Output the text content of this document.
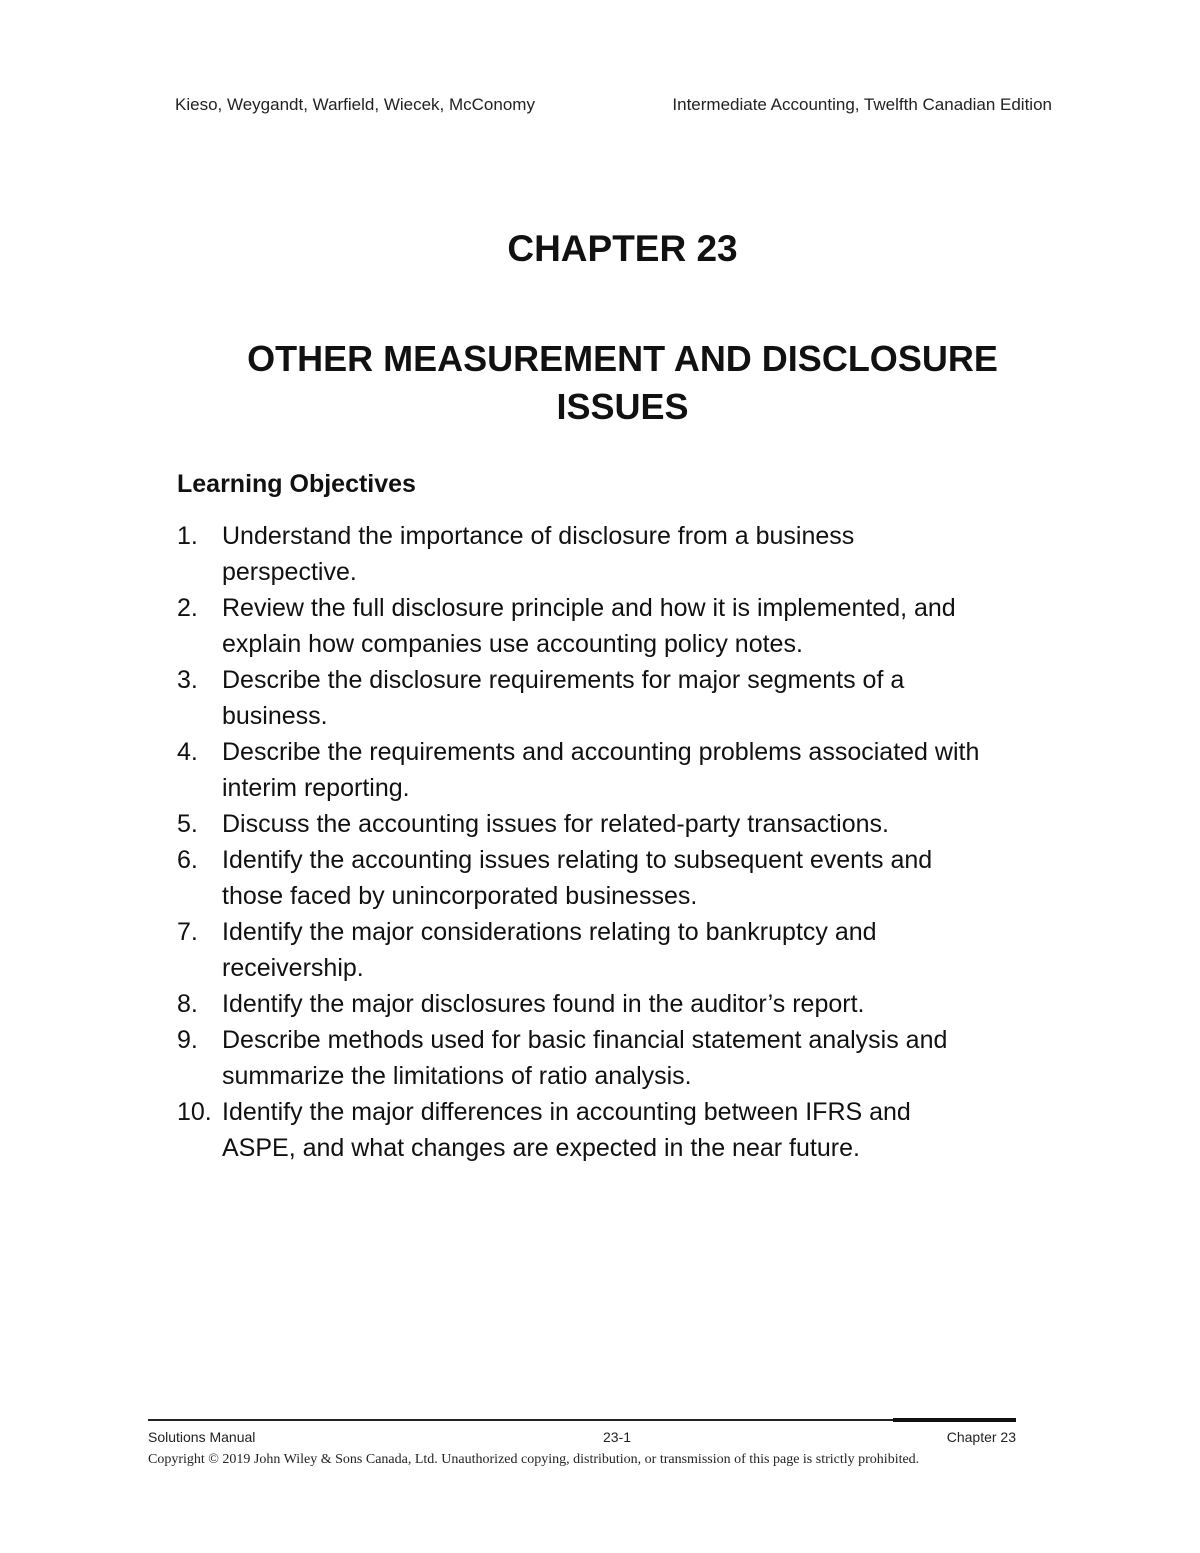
Kieso, Weygandt, Warfield, Wiecek, McConomy	Intermediate Accounting, Twelfth Canadian Edition
CHAPTER 23
OTHER MEASUREMENT AND DISCLOSURE ISSUES
Learning Objectives
1. Understand the importance of disclosure from a business perspective.
2. Review the full disclosure principle and how it is implemented, and explain how companies use accounting policy notes.
3. Describe the disclosure requirements for major segments of a business.
4. Describe the requirements and accounting problems associated with interim reporting.
5. Discuss the accounting issues for related-party transactions.
6. Identify the accounting issues relating to subsequent events and those faced by unincorporated businesses.
7. Identify the major considerations relating to bankruptcy and receivership.
8. Identify the major disclosures found in the auditor’s report.
9. Describe methods used for basic financial statement analysis and summarize the limitations of ratio analysis.
10. Identify the major differences in accounting between IFRS and ASPE, and what changes are expected in the near future.
Solutions Manual	23-1	Chapter 23
Copyright © 2019 John Wiley & Sons Canada, Ltd. Unauthorized copying, distribution, or transmission of this page is strictly prohibited.
